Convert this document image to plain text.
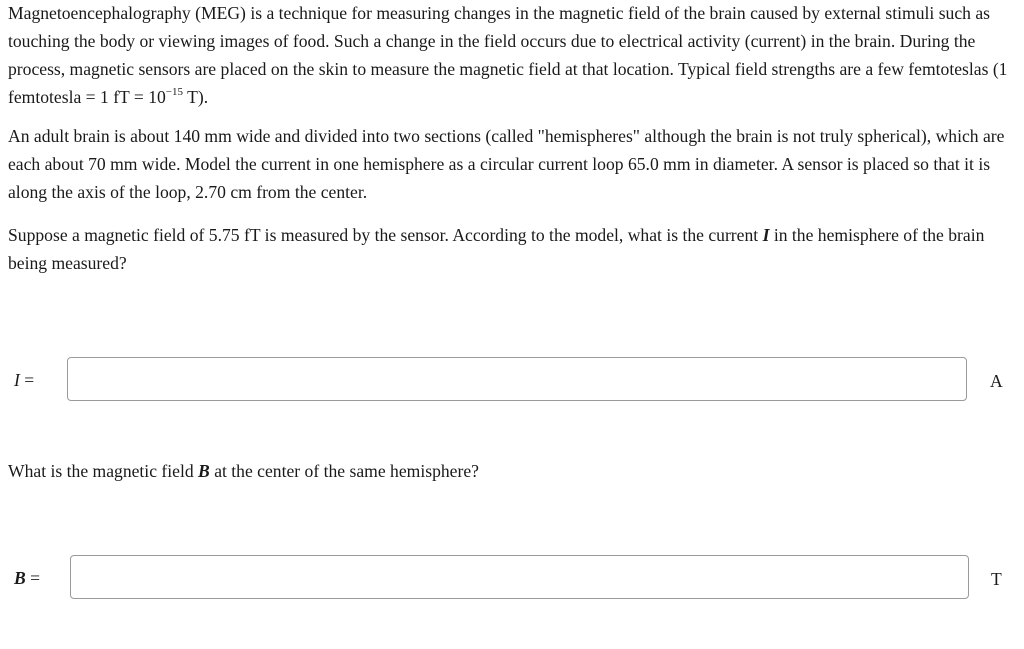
Magnetoencephalography (MEG) is a technique for measuring changes in the magnetic field of the brain caused by external stimuli such as touching the body or viewing images of food. Such a change in the field occurs due to electrical activity (current) in the brain. During the process, magnetic sensors are placed on the skin to measure the magnetic field at that location. Typical field strengths are a few femtoteslas (1 femtotesla = 1 fT = $10^{-15}$ T).

An adult brain is about 140 mm wide and divided into two sections (called "hemispheres" although the brain is not truly spherical), which are each about 70 mm wide. Model the current in one hemisphere as a circular current loop 65.0 mm in diameter. A sensor is placed so that it is along the axis of the loop, 2.70 cm from the center.

Suppose a magnetic field of 5.75 fT is measured by the sensor. According to the model, what is the current I in the hemisphere of the brain being measured?

I =	A

What is the magnetic field B at the center of the same hemisphere?

B =	T
